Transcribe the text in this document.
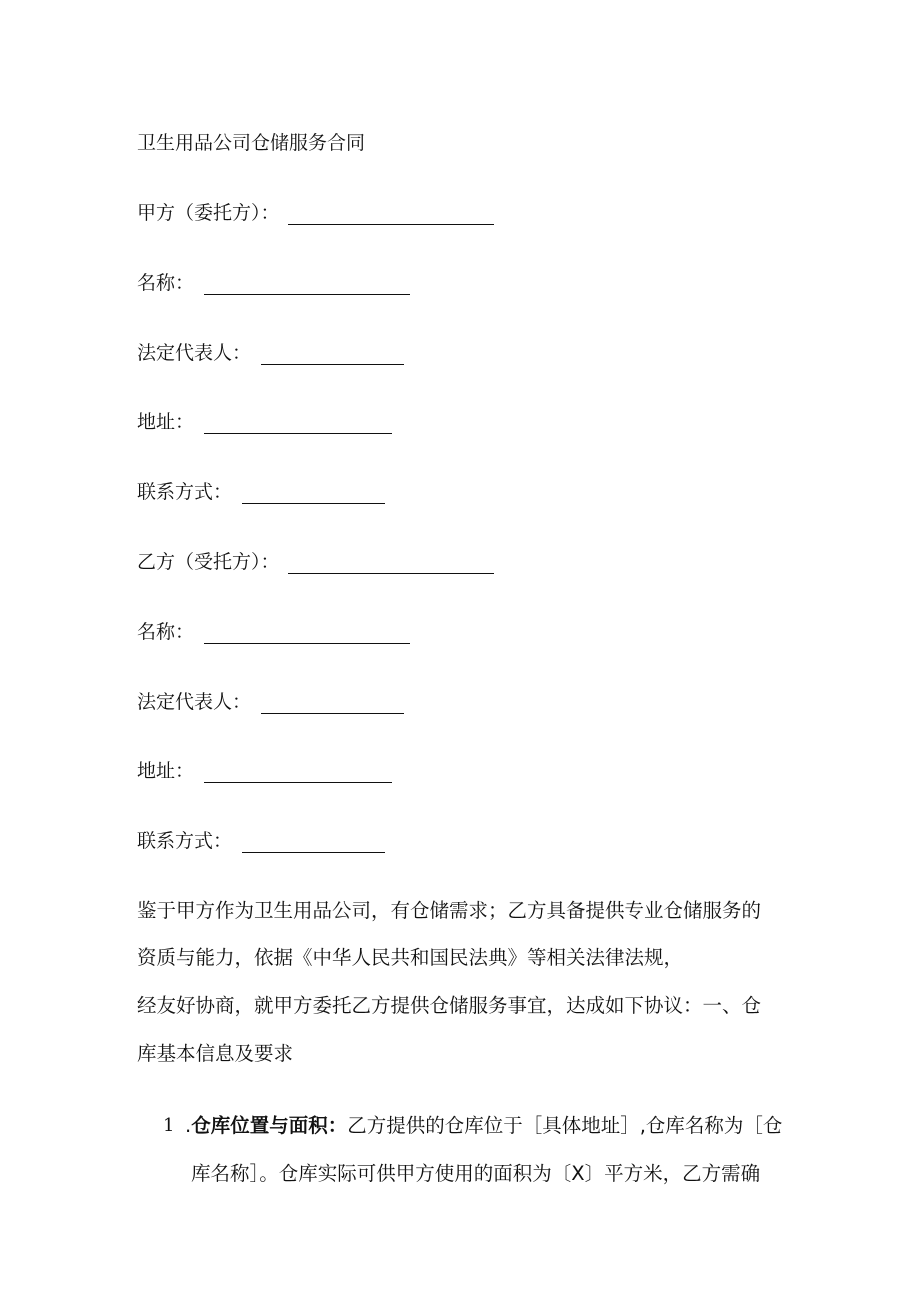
卫生用品公司仓储服务合同
甲方（委托方）：
名称：
法定代表人：
地址：
联系方式：
乙方（受托方）：
名称：
法定代表人：
地址：
联系方式：
鉴于甲方作为卫生用品公司，有仓储需求；乙方具备提供专业仓储服务的
资质与能力，依据《中华人民共和国民法典》等相关法律法规，
经友好协商，就甲方委托乙方提供仓储服务事宜，达成如下协议：一、仓
库基本信息及要求
1 .仓库位置与面积：乙方提供的仓库位于［具体地址］,仓库名称为［仓
库名称］。仓库实际可供甲方使用的面积为〔X〕平方米，乙方需确
